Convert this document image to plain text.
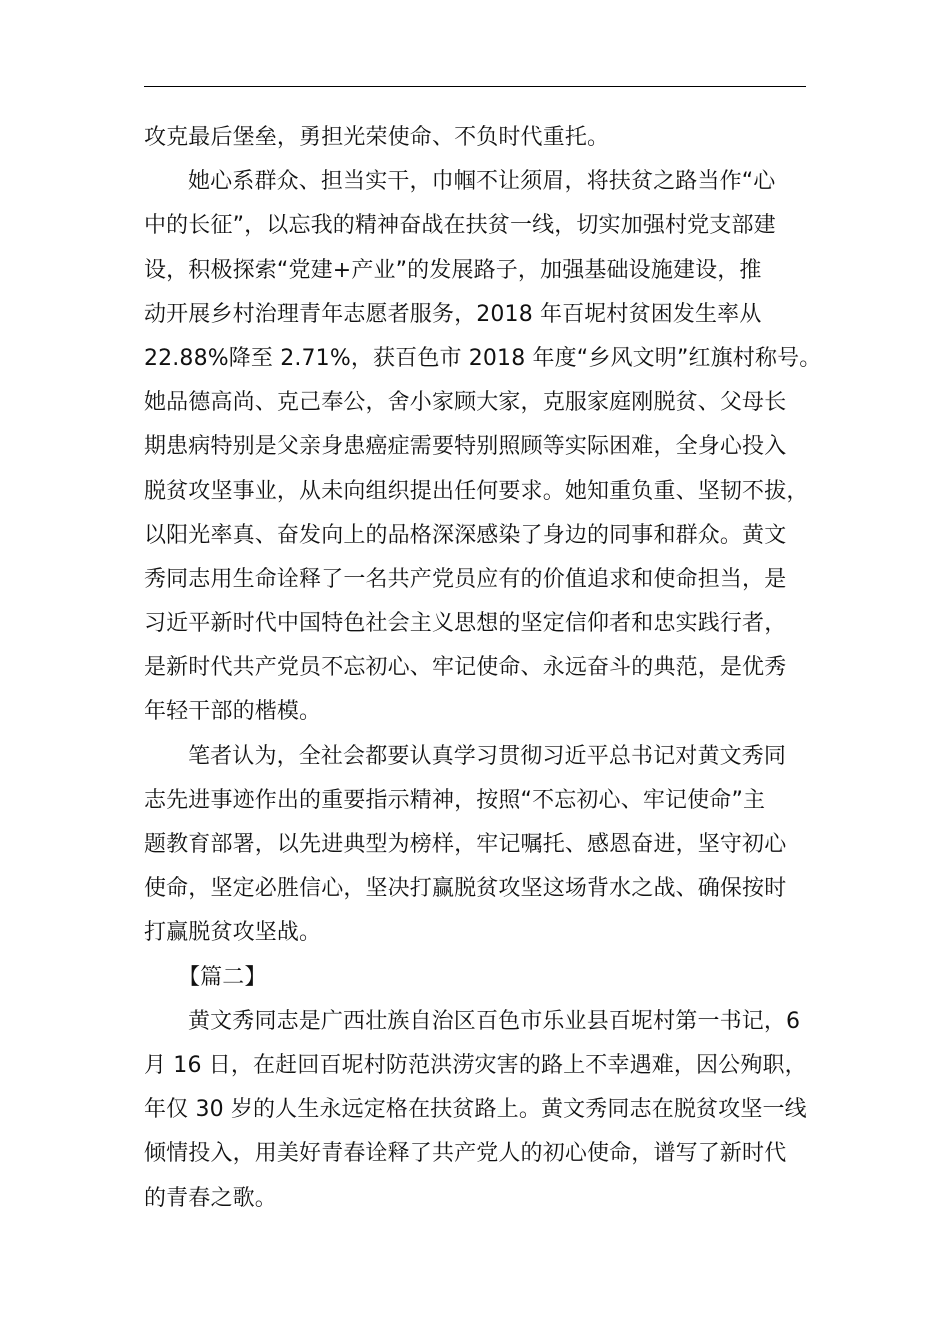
攻克最后堡垒，勇担光荣使命、不负时代重托。
她心系群众、担当实干，巾帼不让须眉，将扶贫之路当作“心
中的长征”，以忘我的精神奋战在扶贫一线，切实加强村党支部建
设，积极探索“党建+产业”的发展路子，加强基础设施建设，推
动开展乡村治理青年志愿者服务，2018 年百坭村贫困发生率从
22.88%降至 2.71%，获百色市 2018 年度“乡风文明”红旗村称号。
她品德高尚、克己奉公，舍小家顾大家，克服家庭刚脱贫、父母长
期患病特别是父亲身患癌症需要特别照顾等实际困难，全身心投入
脱贫攻坚事业，从未向组织提出任何要求。她知重负重、坚韧不拔，
以阳光率真、奋发向上的品格深深感染了身边的同事和群众。黄文
秀同志用生命诠释了一名共产党员应有的价值追求和使命担当，是
习近平新时代中国特色社会主义思想的坚定信仰者和忠实践行者，
是新时代共产党员不忘初心、牢记使命、永远奋斗的典范，是优秀
年轻干部的楷模。
笔者认为，全社会都要认真学习贯彻习近平总书记对黄文秀同
志先进事迹作出的重要指示精神，按照“不忘初心、牢记使命”主
题教育部署，以先进典型为榜样，牢记嘱托、感恩奋进，坚守初心
使命，坚定必胜信心，坚决打赢脱贫攻坚这场背水之战、确保按时
打赢脱贫攻坚战。
【篇二】
黄文秀同志是广西壮族自治区百色市乐业县百坭村第一书记，6
月 16 日，在赶回百坭村防范洪涝灾害的路上不幸遇难，因公殉职，
年仅 30 岁的人生永远定格在扶贫路上。黄文秀同志在脱贫攻坚一线
倾情投入，用美好青春诠释了共产党人的初心使命，谱写了新时代
的青春之歌。
